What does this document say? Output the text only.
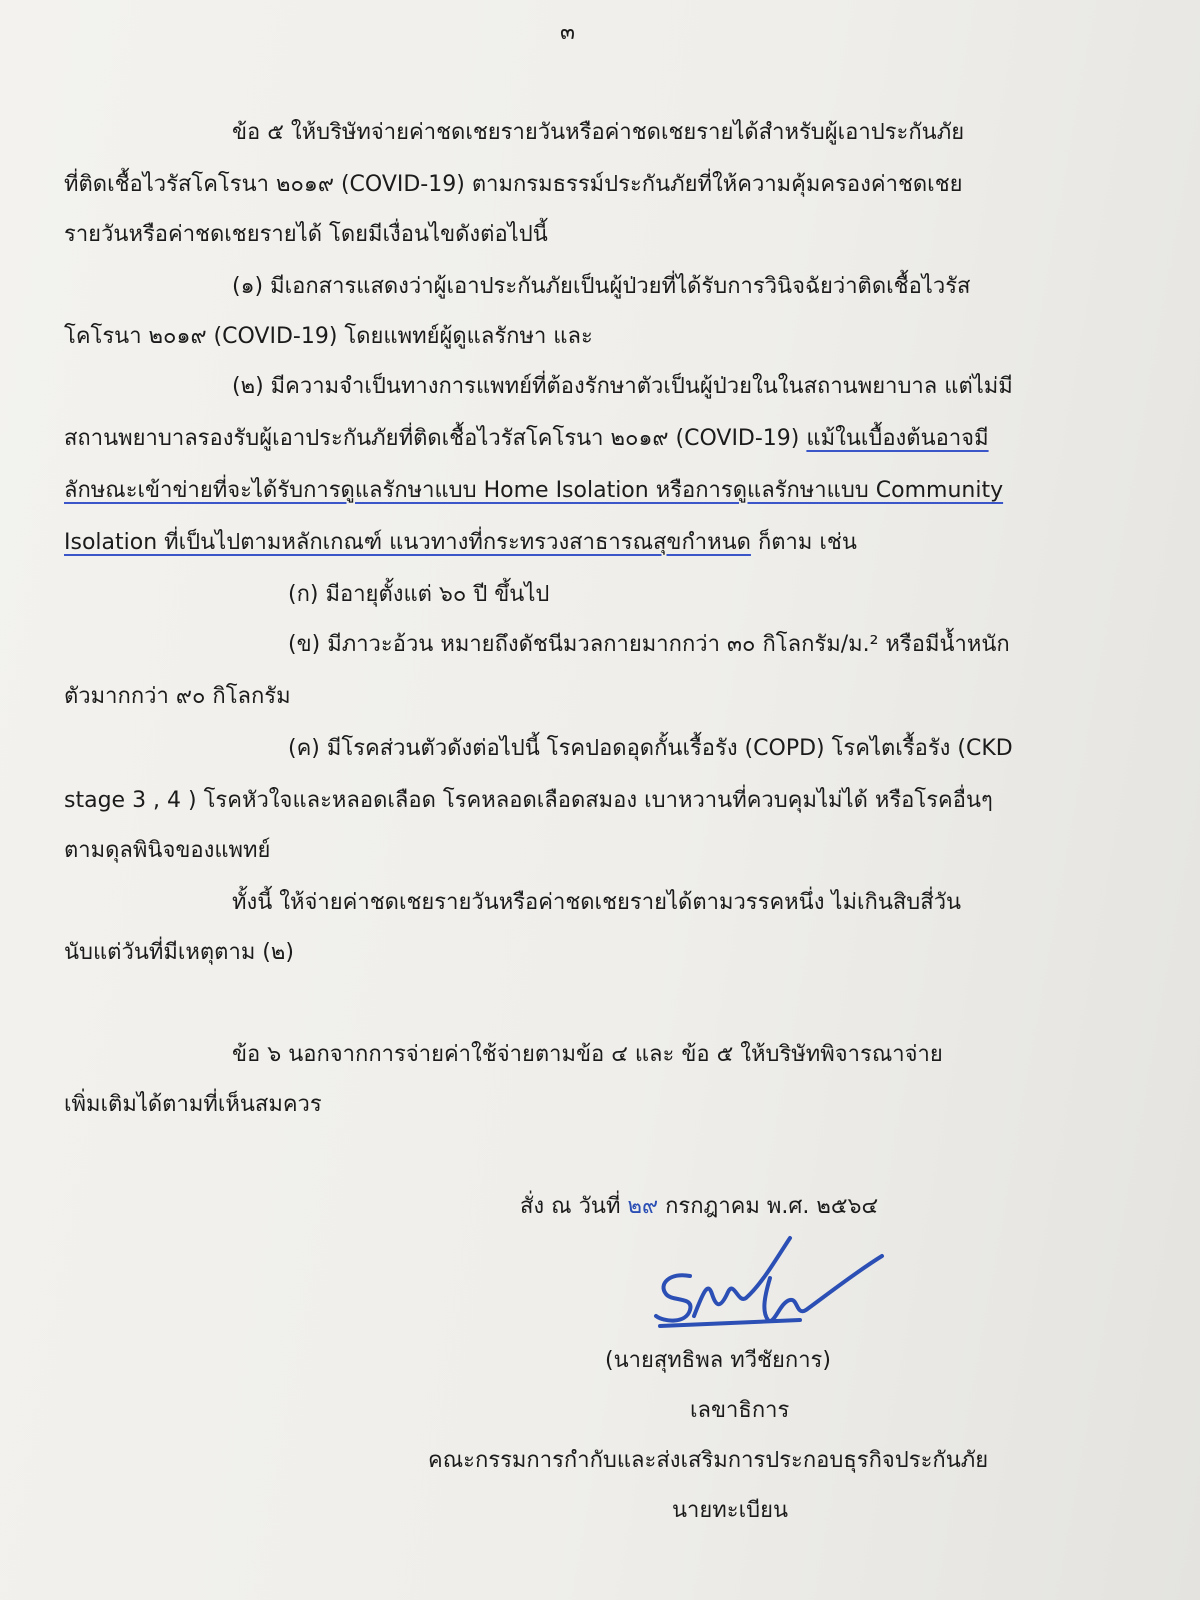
๓
ข้อ ๕ ให้บริษัทจ่ายค่าชดเชยรายวันหรือค่าชดเชยรายได้สำหรับผู้เอาประกันภัย
ที่ติดเชื้อไวรัสโคโรนา ๒๐๑๙ (COVID-19) ตามกรมธรรม์ประกันภัยที่ให้ความคุ้มครองค่าชดเชย
รายวันหรือค่าชดเชยรายได้ โดยมีเงื่อนไขดังต่อไปนี้
(๑) มีเอกสารแสดงว่าผู้เอาประกันภัยเป็นผู้ป่วยที่ได้รับการวินิจฉัยว่าติดเชื้อไวรัส
โคโรนา ๒๐๑๙ (COVID-19) โดยแพทย์ผู้ดูแลรักษา และ
(๒) มีความจำเป็นทางการแพทย์ที่ต้องรักษาตัวเป็นผู้ป่วยในในสถานพยาบาล แต่ไม่มี
สถานพยาบาลรองรับผู้เอาประกันภัยที่ติดเชื้อไวรัสโคโรนา ๒๐๑๙ (COVID-19) แม้ในเบื้องต้นอาจมี
ลักษณะเข้าข่ายที่จะได้รับการดูแลรักษาแบบ Home Isolation หรือการดูแลรักษาแบบ Community
Isolation ที่เป็นไปตามหลักเกณฑ์ แนวทางที่กระทรวงสาธารณสุขกำหนด ก็ตาม เช่น
(ก) มีอายุตั้งแต่ ๖๐ ปี ขึ้นไป
(ข) มีภาวะอ้วน หมายถึงดัชนีมวลกายมากกว่า ๓๐ กิโลกรัม/ม.² หรือมีน้ำหนัก
ตัวมากกว่า ๙๐ กิโลกรัม
(ค) มีโรคส่วนตัวดังต่อไปนี้ โรคปอดอุดกั้นเรื้อรัง (COPD) โรคไตเรื้อรัง (CKD
stage 3 , 4 ) โรคหัวใจและหลอดเลือด โรคหลอดเลือดสมอง เบาหวานที่ควบคุมไม่ได้ หรือโรคอื่นๆ
ตามดุลพินิจของแพทย์
ทั้งนี้ ให้จ่ายค่าชดเชยรายวันหรือค่าชดเชยรายได้ตามวรรคหนึ่ง ไม่เกินสิบสี่วัน
นับแต่วันที่มีเหตุตาม (๒)
ข้อ ๖ นอกจากการจ่ายค่าใช้จ่ายตามข้อ ๔ และ ข้อ ๕ ให้บริษัทพิจารณาจ่าย
เพิ่มเติมได้ตามที่เห็นสมควร
สั่ง ณ วันที่ ๒๙ กรกฎาคม พ.ศ. ๒๕๖๔
(นายสุทธิพล ทวีชัยการ)
เลขาธิการ
คณะกรรมการกำกับและส่งเสริมการประกอบธุรกิจประกันภัย
นายทะเบียน
